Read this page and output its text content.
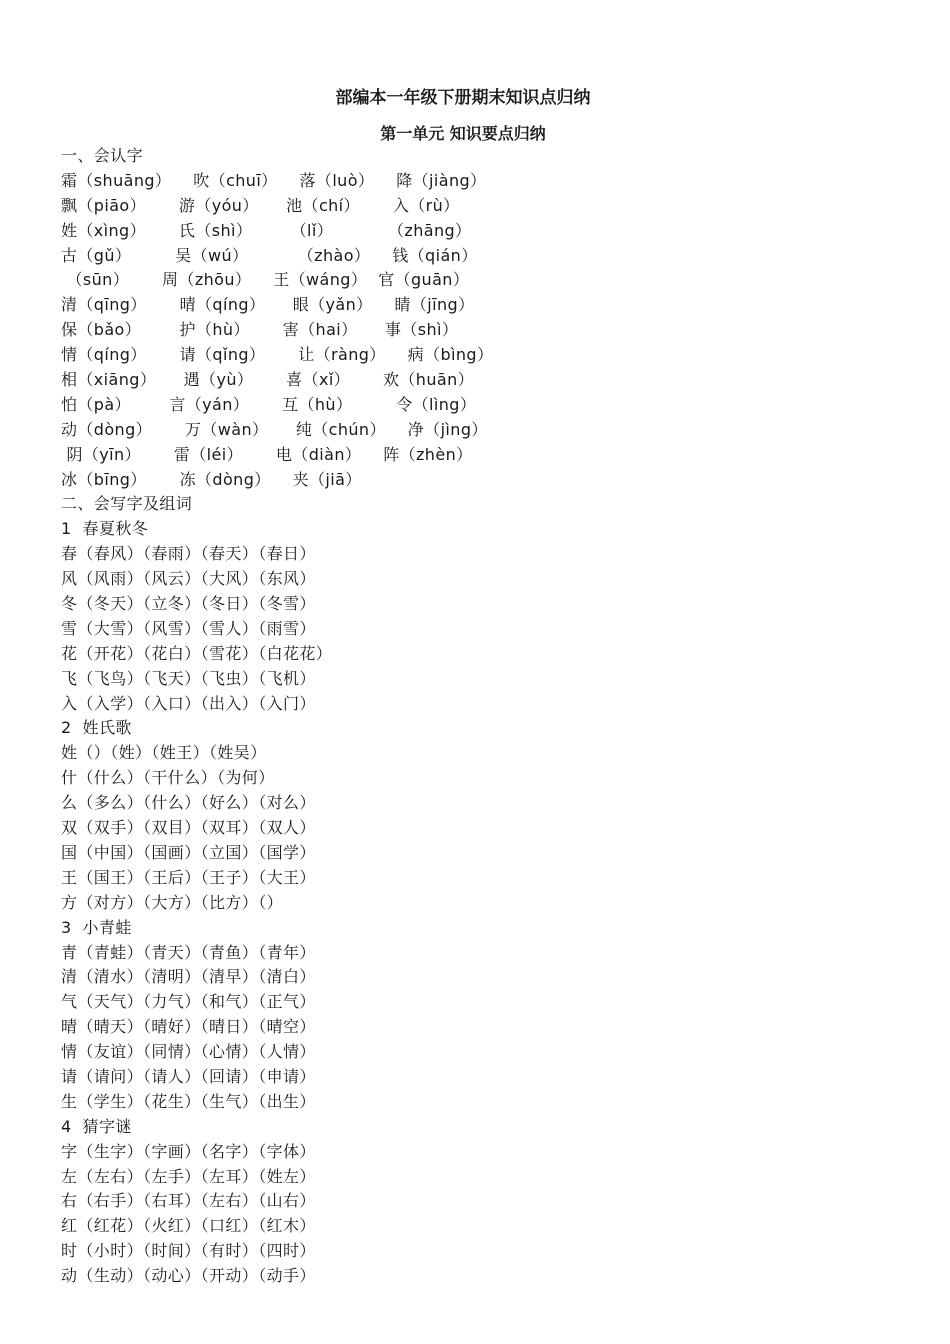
部编本一年级下册期末知识点归纳
第一单元 知识要点归纳
一、会认字
霜（shuāng）    吹（chuī）    落（luò）    降（jiàng）
飘（piāo）      游（yóu）     池（chí）      入（rù）
姓（xìng）      氏（shì）       （lǐ）          （zhāng）
古（gǔ）        吴（wú）         （zhào）    钱（qián）
（sūn）      周（zhōu）    王（wáng）  官（guān）
清（qīng）      晴（qíng）     眼（yǎn）    睛（jīng）
保（bǎo）       护（hù）      害（hai）     事（shì）
情（qíng）      请（qǐng）      让（ràng）    病（bìng）
相（xiāng）     遇（yù）      喜（xǐ）      欢（huān）
怕（pà）       言（yán）      互（hù）        令（lìng）
动（dòng）      万（wàn）     纯（chún）    净（jìng）
阴（yīn）      雷（léi）      电（diàn）    阵（zhèn）
冰（bīng）      冻（dòng）    夹（jiā）
二、会写字及组词
1  春夏秋冬
春（春风）（春雨）（春天）（春日）
风（风雨）（风云）（大风）（东风）
冬（冬天）（立冬）（冬日）（冬雪）
雪（大雪）（风雪）（雪人）（雨雪）
花（开花）（花白）（雪花）（白花花）
飞（飞鸟）（飞天）（飞虫）（飞机）
入（入学）（入口）（出入）（入门）
2  姓氏歌
姓（）（姓）（姓王）（姓吴）
什（什么）（干什么）（为何）
么（多么）（什么）（好么）（对么）
双（双手）（双目）（双耳）（双人）
国（中国）（国画）（立国）（国学）
王（国王）（王后）（王子）（大王）
方（对方）（大方）（比方）（）
3  小青蛙
青（青蛙）（青天）（青鱼）（青年）
清（清水）（清明）（清早）（清白）
气（天气）（力气）（和气）（正气）
晴（晴天）（晴好）（晴日）（晴空）
情（友谊）（同情）（心情）（人情）
请（请问）（请人）（回请）（申请）
生（学生）（花生）（生气）（出生）
4  猜字谜
字（生字）（字画）（名字）（字体）
左（左右）（左手）（左耳）（姓左）
右（右手）（右耳）（左右）（山右）
红（红花）（火红）（口红）（红木）
时（小时）（时间）（有时）（四时）
动（生动）（动心）（开动）（动手）
